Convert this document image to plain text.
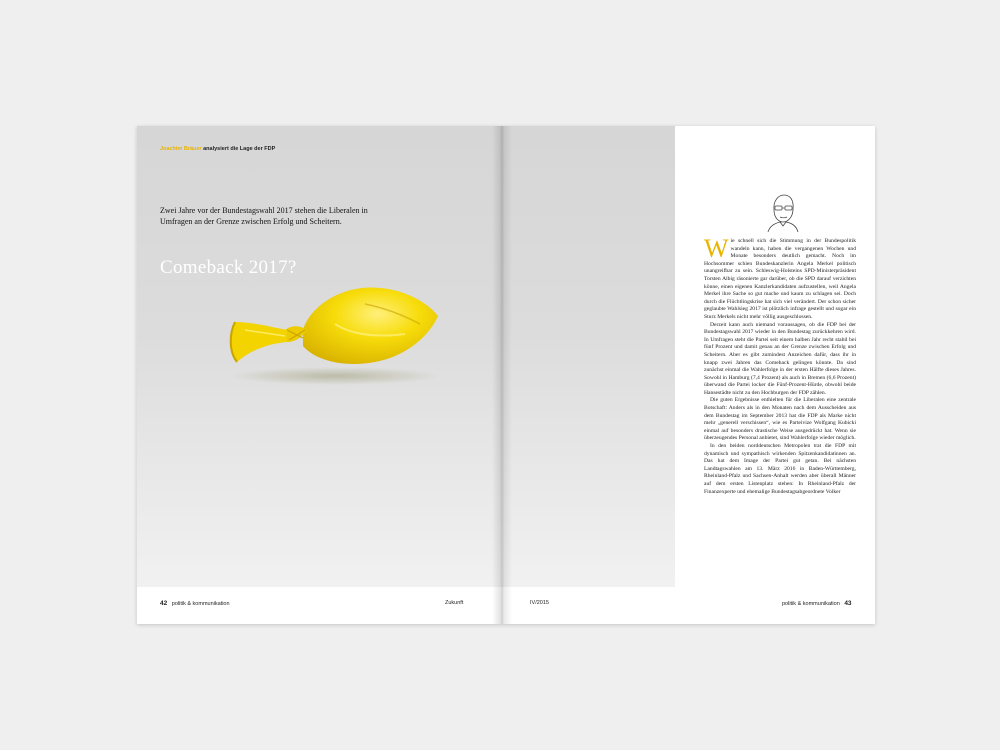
Joachim Bräuer analysiert die Lage der FDP
Zwei Jahre vor der Bundestagswahl 2017 stehen die Liberalen in Umfragen an der Grenze zwischen Erfolg und Scheitern.
Comeback 2017?
42 politik & kommunikation	Zukunft

Wie schnell sich die Stimmung in der Bundespolitik wandeln kann, haben die vergangenen Wochen und Monate besonders deutlich gemacht. Noch im Hochsommer schien Bundeskanzlerin Angela Merkel politisch unangreifbar zu sein. Schleswig-Holsteins SPD-Ministerpräsident Torsten Albig räsonierte gar darüber, ob die SPD darauf verzichten könne, einen eigenen Kanzlerkandidaten aufzustellen, weil Angela Merkel ihre Sache so gut mache und kaum zu schlagen sei. Doch durch die Flüchtlingskrise hat sich viel verändert. Der schon sicher geglaubte Wahlsieg 2017 ist plötzlich infrage gestellt und sogar ein Sturz Merkels nicht mehr völlig ausgeschlossen.

Derzeit kann auch niemand voraussagen, ob die FDP bei der Bundestagswahl 2017 wieder in den Bundestag zurückkehren wird. In Umfragen steht die Partei seit einem halben Jahr recht stabil bei fünf Prozent und damit genau an der Grenze zwischen Erfolg und Scheitern. Aber es gibt zumindest Anzeichen dafür, dass ihr in knapp zwei Jahren das Comeback gelingen könnte. Da sind zunächst einmal die Wahlerfolge in der ersten Hälfte dieses Jahres. Sowohl in Hamburg (7,4 Prozent) als auch in Bremen (6,6 Prozent) überwand die Partei locker die Fünf-Prozent-Hürde, obwohl beide Hansestädte nicht zu den Hochburgen der FDP zählen.

Die guten Ergebnisse enthielten für die Liberalen eine zentrale Botschaft: Anders als in den Monaten nach dem Ausscheiden aus dem Bundestag im September 2013 hat die FDP als Marke nicht mehr „generell verschissen“, wie es Parteivize Wolfgang Kubicki einmal auf besonders drastische Weise ausgedrückt hat. Wenn sie überzeugendes Personal anbietet, sind Wahlerfolge wieder möglich.

In den beiden norddeutschen Metropolen trat die FDP mit dynamisch und sympathisch wirkenden Spitzenkandidatinnen an. Das hat dem Image der Partei gut getan. Bei nächsten Landtagswahlen am 13. März 2016 in Baden-Württemberg, Rheinland-Pfalz und Sachsen-Anhalt werden aber überall Männer auf dem ersten Listenplatz stehen: In Rheinland-Pfalz der Finanzexperte und ehemalige Bundestagsabgeordnete Volker

IV/2015	politik & kommunikation 43
